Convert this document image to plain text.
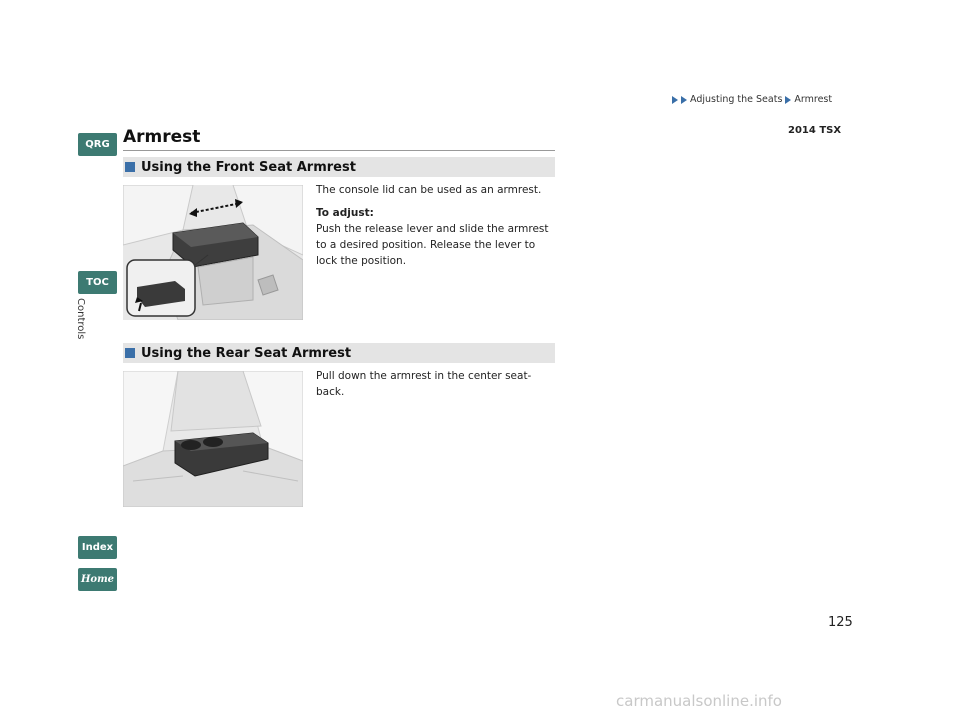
Adjusting the Seats Armrest
2014 TSX
QRG
TOC
Controls
Index
Home
Armrest
Using the Front Seat Armrest
The console lid can be used as an armrest.
To adjust:
Push the release lever and slide the armrest to a desired position. Release the lever to lock the position.
Using the Rear Seat Armrest
Pull down the armrest in the center seat-back.
125
carmanualsonline.info
